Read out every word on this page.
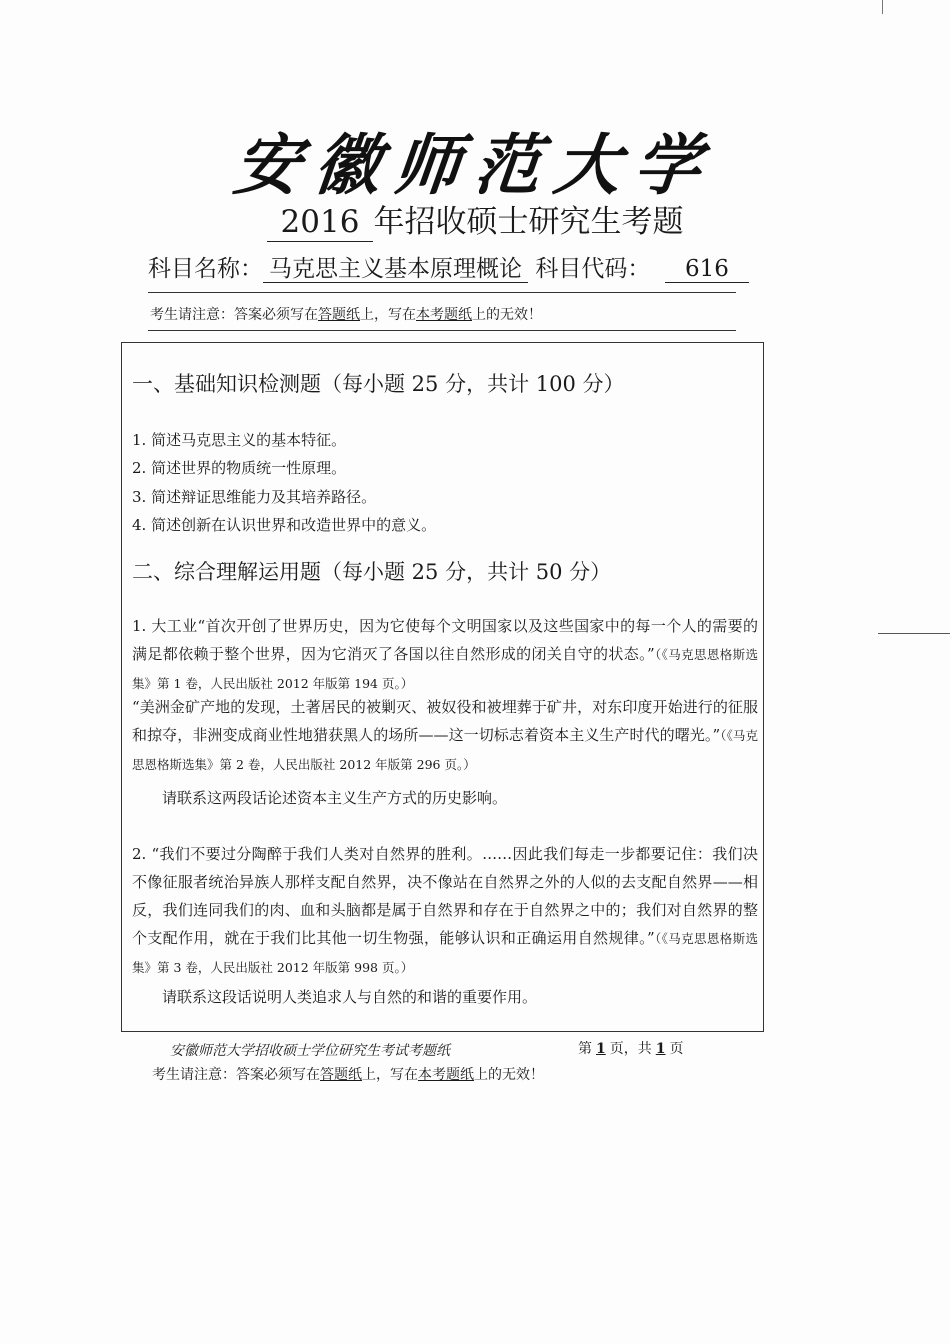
安徽师范大学
2016 年招收硕士研究生考题
科目名称： 马克思主义基本原理概论 科目代码： 616
考生请注意：答案必须写在答题纸上，写在本考题纸上的无效！
一、基础知识检测题（每小题 25 分，共计 100 分）
1. 简述马克思主义的基本特征。
2. 简述世界的物质统一性原理。
3. 简述辩证思维能力及其培养路径。
4. 简述创新在认识世界和改造世界中的意义。
二、综合理解运用题（每小题 25 分，共计 50 分）
1. 大工业“首次开创了世界历史，因为它使每个文明国家以及这些国家中的每一个人的需要的满足都依赖于整个世界，因为它消灭了各国以往自然形成的闭关自守的状态。”（《马克思恩格斯选集》第 1 卷，人民出版社 2012 年版第 194 页。）
“美洲金矿产地的发现，土著居民的被剿灭、被奴役和被埋葬于矿井，对东印度开始进行的征服和掠夺，非洲变成商业性地猎获黑人的场所——这一切标志着资本主义生产时代的曙光。”（《马克思恩格斯选集》第 2 卷，人民出版社 2012 年版第 296 页。）
请联系这两段话论述资本主义生产方式的历史影响。
2. “我们不要过分陶醉于我们人类对自然界的胜利。……因此我们每走一步都要记住：我们决不像征服者统治异族人那样支配自然界，决不像站在自然界之外的人似的去支配自然界——相反，我们连同我们的肉、血和头脑都是属于自然界和存在于自然界之中的；我们对自然界的整个支配作用，就在于我们比其他一切生物强，能够认识和正确运用自然规律。”（《马克思恩格斯选集》第 3 卷，人民出版社 2012 年版第 998 页。）
请联系这段话说明人类追求人与自然的和谐的重要作用。
安徽师范大学招收硕士学位研究生考试考题纸	第 1 页，共 1 页
考生请注意：答案必须写在答题纸上，写在本考题纸上的无效！
